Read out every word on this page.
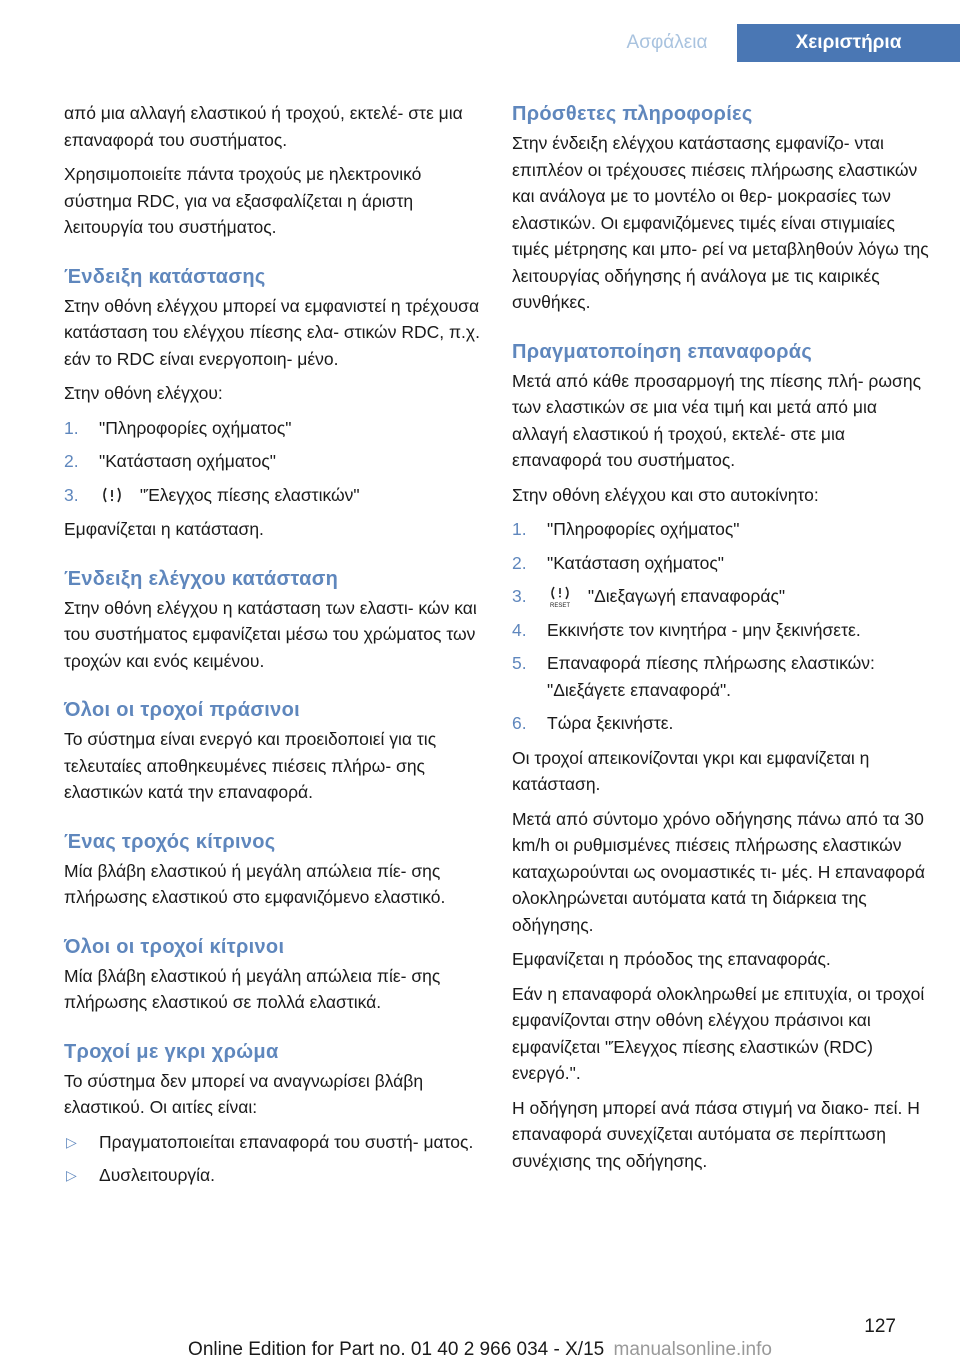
Ασφάλεια	Χειριστήρια

από μια αλλαγή ελαστικού ή τροχού, εκτελέ‐ στε μια επαναφορά του συστήματος.

Χρησιμοποιείτε πάντα τροχούς με ηλεκτρονικό σύστημα RDC, για να εξασφαλίζεται η άριστη λειτουργία του συστήματος.

Ένδειξη κατάστασης

Στην οθόνη ελέγχου μπορεί να εμφανιστεί η τρέχουσα κατάσταση του ελέγχου πίεσης ελα‐ στικών RDC, π.χ. εάν το RDC είναι ενεργοποιη‐ μένο.

Στην οθόνη ελέγχου:

1. "Πληροφορίες οχήματος"
2. "Κατάσταση οχήματος"
3.	"Έλεγχος πίεσης ελαστικών"

Εμφανίζεται η κατάσταση.

Ένδειξη ελέγχου κατάσταση

Στην οθόνη ελέγχου η κατάσταση των ελαστι‐ κών και του συστήματος εμφανίζεται μέσω του χρώματος των τροχών και ενός κειμένου.

Όλοι οι τροχοί πράσινοι

Το σύστημα είναι ενεργό και προειδοποιεί για τις τελευταίες αποθηκευμένες πιέσεις πλήρω‐ σης ελαστικών κατά την επαναφορά.

Ένας τροχός κίτρινος

Μία βλάβη ελαστικού ή μεγάλη απώλεια πίε‐ σης πλήρωσης ελαστικού στο εμφανιζόμενο ελαστικό.

Όλοι οι τροχοί κίτρινοι

Μία βλάβη ελαστικού ή μεγάλη απώλεια πίε‐ σης πλήρωσης ελαστικού σε πολλά ελαστικά.

Τροχοί με γκρι χρώμα

Το σύστημα δεν μπορεί να αναγνωρίσει βλάβη ελαστικού. Οι αιτίες είναι:

▷ Πραγματοποιείται επαναφορά του συστή‐ ματος.
▷ Δυσλειτουργία.
Πρόσθετες πληροφορίες

Στην ένδειξη ελέγχου κατάστασης εμφανίζο‐ νται επιπλέον οι τρέχουσες πιέσεις πλήρωσης ελαστικών και ανάλογα με το μοντέλο οι θερ‐ μοκρασίες των ελαστικών. Οι εμφανιζόμενες τιμές είναι στιγμιαίες τιμές μέτρησης και μπο‐ ρεί να μεταβληθούν λόγω της λειτουργίας οδήγησης ή ανάλογα με τις καιρικές συνθήκες.

Πραγματοποίηση επαναφοράς

Μετά από κάθε προσαρμογή της πίεσης πλή‐ ρωσης των ελαστικών σε μια νέα τιμή και μετά από μια αλλαγή ελαστικού ή τροχού, εκτελέ‐ στε μια επαναφορά του συστήματος.

Στην οθόνη ελέγχου και στο αυτοκίνητο:

1. "Πληροφορίες οχήματος"
2. "Κατάσταση οχήματος"
3.	RESET "Διεξαγωγή επαναφοράς"
4. Εκκινήστε τον κινητήρα - μην ξεκινήσετε.
5. Επαναφορά πίεσης πλήρωσης ελαστικών: "Διεξάγετε επαναφορά".
6. Τώρα ξεκινήστε.

Οι τροχοί απεικονίζονται γκρι και εμφανίζεται η κατάσταση.

Μετά από σύντομο χρόνο οδήγησης πάνω από τα 30 km/h οι ρυθμισμένες πιέσεις πλήρωσης ελαστικών καταχωρούνται ως ονομαστικές τι‐ μές. Η επαναφορά ολοκληρώνεται αυτόματα κατά τη διάρκεια της οδήγησης.

Εμφανίζεται η πρόοδος της επαναφοράς.

Εάν η επαναφορά ολοκληρωθεί με επιτυχία, οι τροχοί εμφανίζονται στην οθόνη ελέγχου πράσινοι και εμφανίζεται "Έλεγχος πίεσης ελαστικών (RDC) ενεργό.".

Η οδήγηση μπορεί ανά πάσα στιγμή να διακο‐ πεί. Η επαναφορά συνεχίζεται αυτόματα σε περίπτωση συνέχισης της οδήγησης.

127
Online Edition for Part no. 01 40 2 966 034 - X/15 manualsonline.info
